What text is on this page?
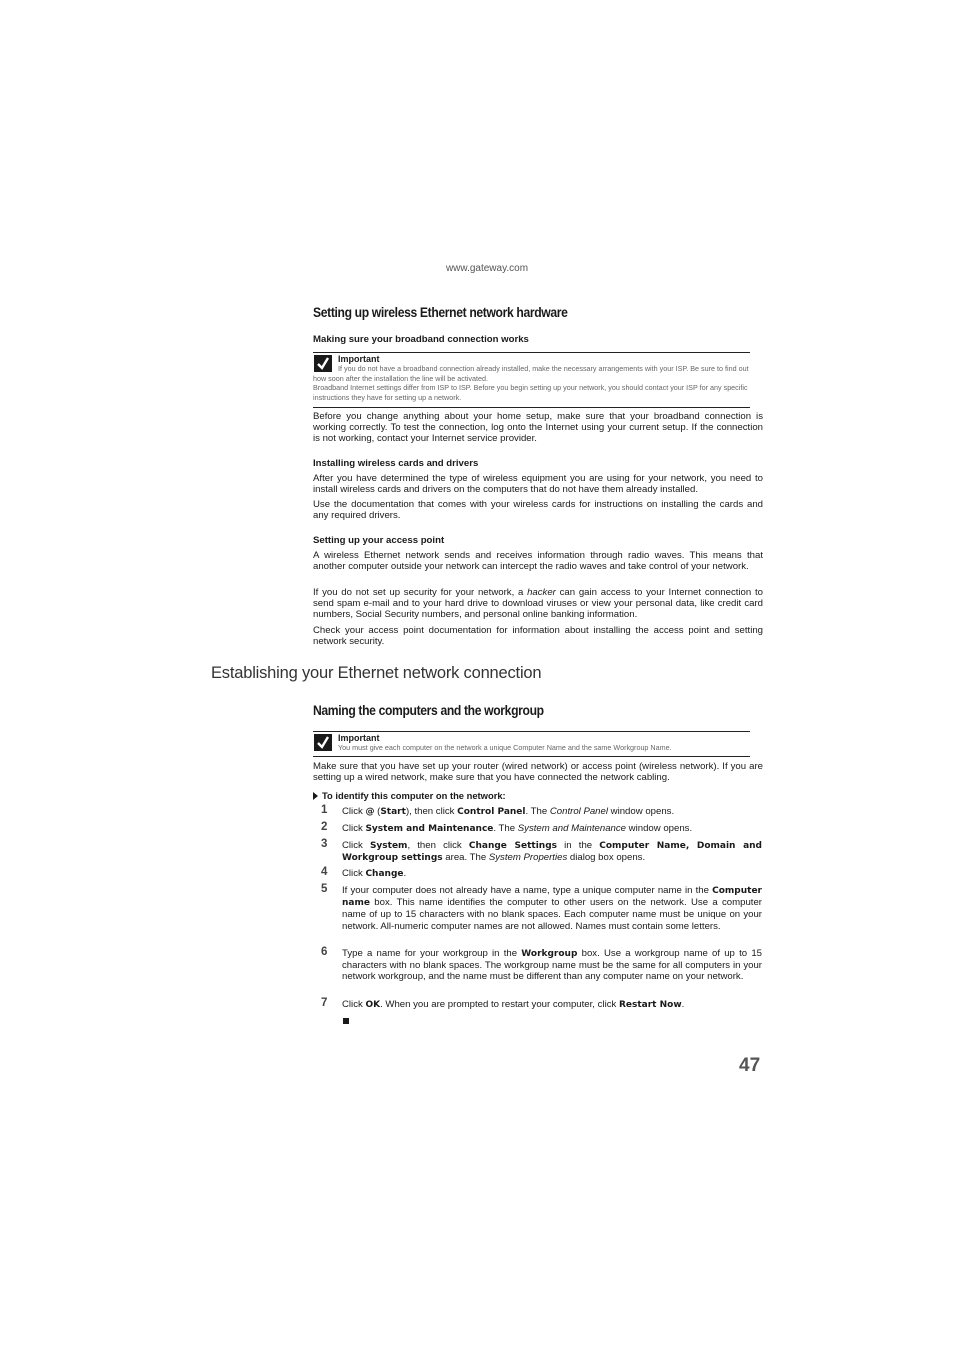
www.gateway.com
Setting up wireless Ethernet network hardware
Making sure your broadband connection works
Important
If you do not have a broadband connection already installed, make the necessary arrangements with your ISP. Be sure to find out how soon after the installation the line will be activated.
Broadband Internet settings differ from ISP to ISP. Before you begin setting up your network, you should contact your ISP for any specific instructions they have for setting up a network.
Before you change anything about your home setup, make sure that your broadband connection is working correctly. To test the connection, log onto the Internet using your current setup. If the connection is not working, contact your Internet service provider.
Installing wireless cards and drivers
After you have determined the type of wireless equipment you are using for your network, you need to install wireless cards and drivers on the computers that do not have them already installed.
Use the documentation that comes with your wireless cards for instructions on installing the cards and any required drivers.
Setting up your access point
A wireless Ethernet network sends and receives information through radio waves. This means that another computer outside your network can intercept the radio waves and take control of your network.
If you do not set up security for your network, a hacker can gain access to your Internet connection to send spam e-mail and to your hard drive to download viruses or view your personal data, like credit card numbers, Social Security numbers, and personal online banking information.
Check your access point documentation for information about installing the access point and setting network security.
Establishing your Ethernet network connection
Naming the computers and the workgroup
Important
You must give each computer on the network a unique Computer Name and the same Workgroup Name.
Make sure that you have set up your router (wired network) or access point (wireless network). If you are setting up a wired network, make sure that you have connected the network cabling.
To identify this computer on the network:
1 Click @ (Start), then click Control Panel. The Control Panel window opens.
2 Click System and Maintenance. The System and Maintenance window opens.
3 Click System, then click Change Settings in the Computer Name, Domain and Workgroup settings area. The System Properties dialog box opens.
4 Click Change.
5 If your computer does not already have a name, type a unique computer name in the Computer name box. This name identifies the computer to other users on the network. Use a computer name of up to 15 characters with no blank spaces. Each computer name must be unique on your network. All-numeric computer names are not allowed. Names must contain some letters.
6 Type a name for your workgroup in the Workgroup box. Use a workgroup name of up to 15 characters with no blank spaces. The workgroup name must be the same for all computers in your network workgroup, and the name must be different than any computer name on your network.
7 Click OK. When you are prompted to restart your computer, click Restart Now.
47
